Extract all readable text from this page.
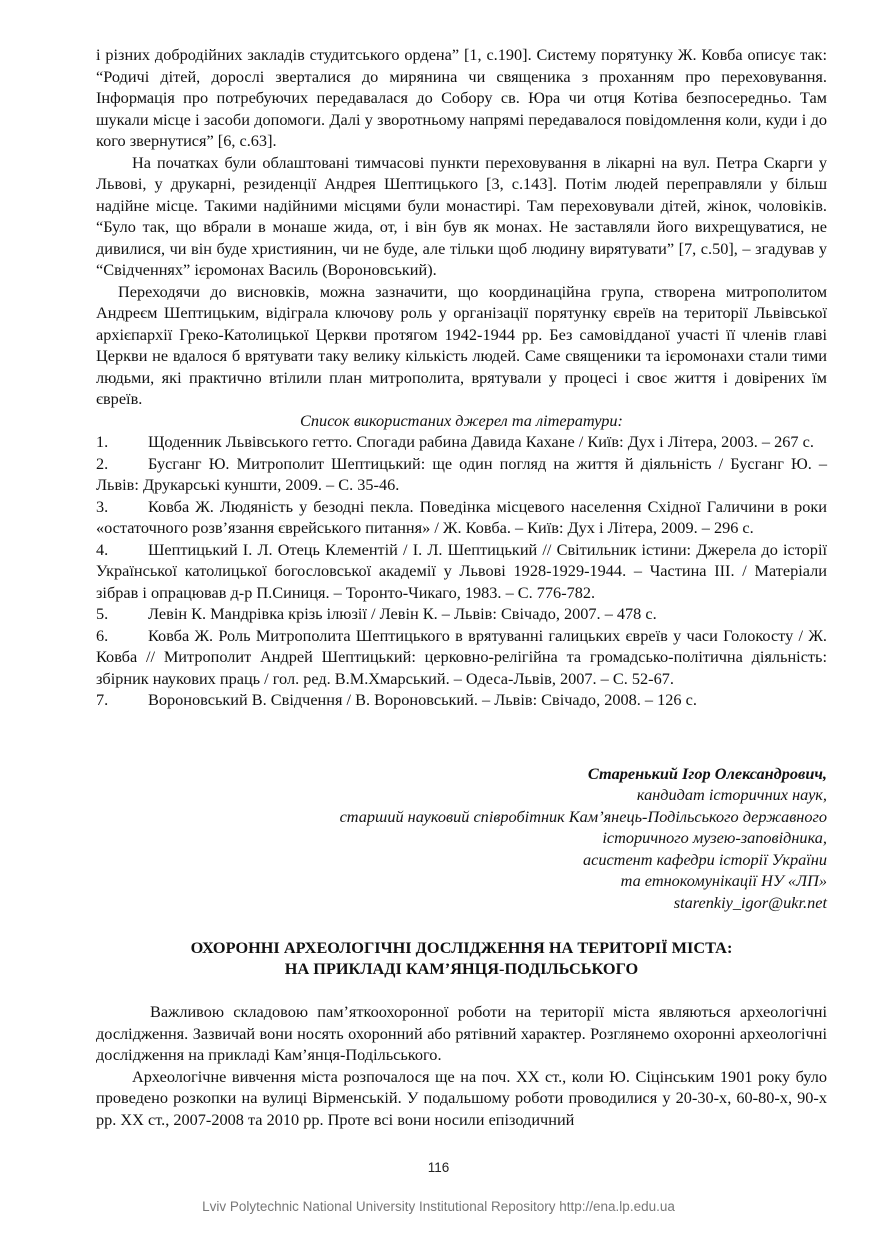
і різних добродійних закладів студитського ордена” [1, с.190]. Систему порятунку Ж. Ковба описує так: “Родичі дітей, дорослі зверталися до мирянина чи священика з проханням про переховування. Інформація про потребуючих передавалася до Собору св. Юра чи отця Котіва безпосередньо. Там шукали місце і засоби допомоги. Далі у зворотньому напрямі передавалося повідомлення коли, куди і до кого звернутися” [6, с.63].

На початках були облаштовані тимчасові пункти переховування в лікарні на вул. Петра Скарги у Львові, у друкарні, резиденції Андрея Шептицького [3, с.143]. Потім людей переправляли у більш надійне місце. Такими надійними місцями були монастирі. Там переховували дітей, жінок, чоловіків. “Було так, що вбрали в монаше жида, от, і він був як монах. Не заставляли його вихрещуватися, не дивилися, чи він буде християнин, чи не буде, але тільки щоб людину вирятувати” [7, с.50], – згадував у “Свідченнях” ієромонах Василь (Вороновський).

Переходячи до висновків, можна зазначити, що координаційна група, створена митрополитом Андреєм Шептицьким, відіграла ключову роль у організації порятунку євреїв на території Львівської архієпархії Греко-Католицької Церкви протягом 1942-1944 рр. Без самовідданої участі її членів главі Церкви не вдалося б врятувати таку велику кількість людей. Саме священики та ієромонахи стали тими людьми, які практично втілили план митрополита, врятували у процесі і своє життя і довірених їм євреїв.

Список використаних джерел та літератури:

1. Щоденник Львівського гетто. Спогади рабина Давида Кахане / Київ: Дух і Літера, 2003. – 267 с.
2. Бусганг Ю. Митрополит Шептицький: ще один погляд на життя й діяльність / Бусганг Ю. – Львів: Друкарські куншти, 2009. – С. 35-46.
3. Ковба Ж. Людяність у безодні пекла. Поведінка місцевого населення Східної Галичини в роки «остаточного розв’язання єврейського питання» / Ж. Ковба. – Київ: Дух і Літера, 2009. – 296 с.
4. Шептицький І. Л. Отець Клементій / І. Л. Шептицький // Світильник істини: Джерела до історії Української католицької богословської академії у Львові 1928-1929-1944. – Частина ІІІ. / Матеріали зібрав і опрацював д-р П.Синиця. – Торонто-Чикаго, 1983. – С. 776-782.
5. Левін К. Мандрівка крізь ілюзії / Левін К. – Львів: Свічадо, 2007. – 478 с.
6. Ковба Ж. Роль Митрополита Шептицького в врятуванні галицьких євреїв у часи Голокосту / Ж. Ковба // Митрополит Андрей Шептицький: церковно-релігійна та громадсько-політична діяльність: збірник наукових праць / гол. ред. В.М.Хмарський. – Одеса-Львів, 2007. – С. 52-67.
7. Вороновський В. Свідчення / В. Вороновський. – Львів: Свічадо, 2008. – 126 с.
Старенький Ігор Олександрович,
кандидат історичних наук,
старший науковий співробітник Кам’янець-Подільського державного
історичного музею-заповідника,
асистент кафедри історії України
та етнокомунікації НУ «ЛП»
starenkiy_igor@ukr.net
ОХОРОННІ АРХЕОЛОГІЧНІ ДОСЛІДЖЕННЯ НА ТЕРИТОРІЇ МІСТА:
НА ПРИКЛАДІ КАМ’ЯНЦЯ-ПОДІЛЬСЬКОГО

Важливою складовою пам’яткоохоронної роботи на території міста являються археологічні дослідження. Зазвичай вони носять охоронний або рятівний характер. Розглянемо охоронні археологічні дослідження на прикладі Кам’янця-Подільського.

Археологічне вивчення міста розпочалося ще на поч. ХХ ст., коли Ю. Сіцінським 1901 року було проведено розкопки на вулиці Вірменській. У подальшому роботи проводилися у 20-30-х, 60-80-х, 90-х рр. ХХ ст., 2007-2008 та 2010 рр. Проте всі вони носили епізодичний

116
Lviv Polytechnic National University Institutional Repository http://ena.lp.edu.ua
